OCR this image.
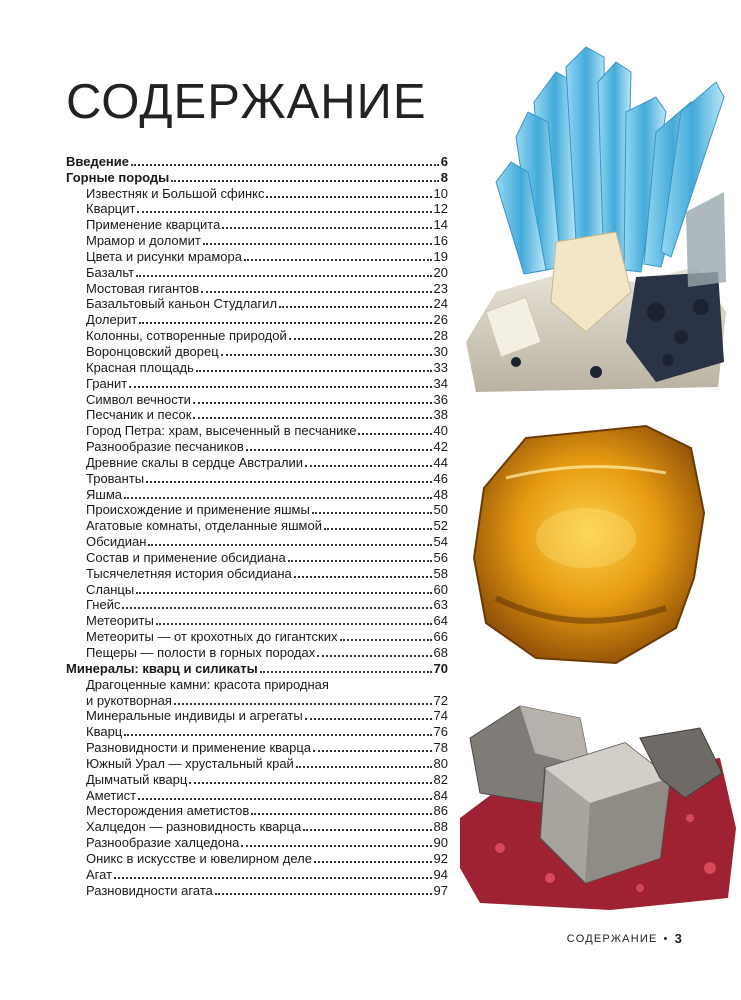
СОДЕРЖАНИЕ
Введение	6
Горные породы	8
Известняк и Большой сфинкс	10
Кварцит	12
Применение кварцита	14
Мрамор и доломит	16
Цвета и рисунки мрамора	19
Базальт	20
Мостовая гигантов	23
Базальтовый каньон Студлагил	24
Долерит	26
Колонны, сотворенные природой	28
Воронцовский дворец	30
Красная площадь	33
Гранит	34
Символ вечности	36
Песчаник и песок	38
Город Петра: храм, высеченный в песчанике	40
Разнообразие песчаников	42
Древние скалы в сердце Австралии	44
Трованты	46
Яшма	48
Происхождение и применение яшмы	50
Агатовые комнаты, отделанные яшмой	52
Обсидиан	54
Состав и применение обсидиана	56
Тысячелетняя история обсидиана	58
Сланцы	60
Гнейс	63
Метеориты	64
Метеориты — от крохотных до гигантских	66
Пещеры — полости в горных породах	68
Минералы: кварц и силикаты	70
Драгоценные камни: красота природная
и рукотворная	72
Минеральные индивиды и агрегаты	74
Кварц	76
Разновидности и применение кварца	78
Южный Урал — хрустальный край	80
Дымчатый кварц	82
Аметист	84
Месторождения аметистов	86
Халцедон — разновидность кварца	88
Разнообразие халцедона	90
Оникс в искусстве и ювелирном деле	92
Агат	94
Разновидности агата	97
СОДЕРЖАНИЕ • 3
